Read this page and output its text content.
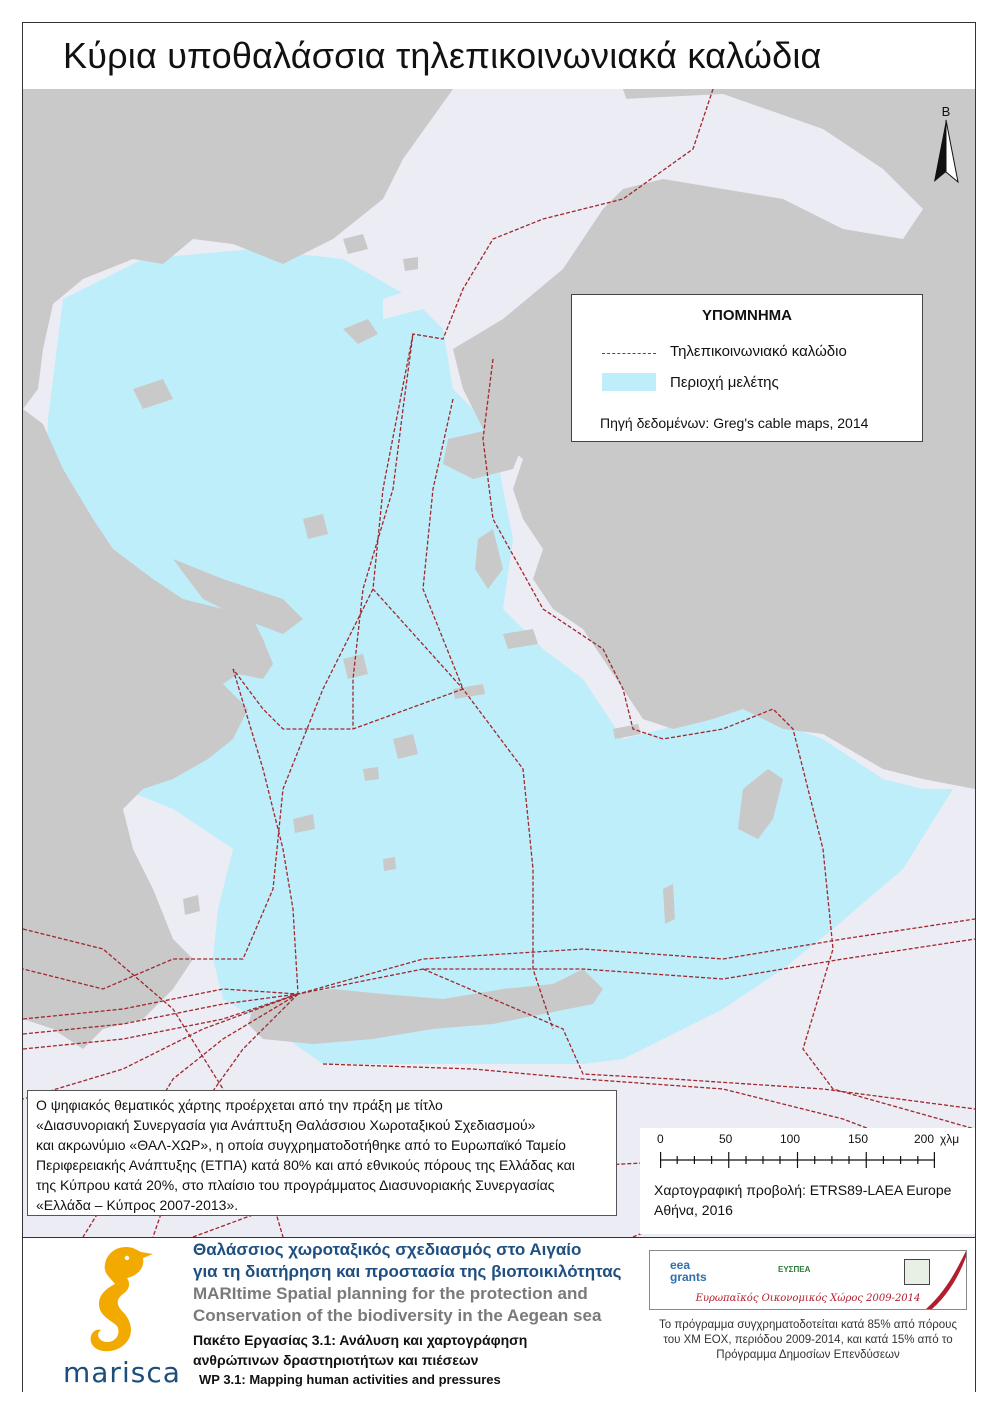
Κύρια υποθαλάσσια τηλεπικοινωνιακά καλώδια
Β
ΥΠΟΜΝΗΜΑ
Τηλεπικοινωνιακό καλώδιο
Περιοχή μελέτης
Πηγή δεδομένων: Greg's cable maps, 2014
Ο ψηφιακός θεματικός χάρτης προέρχεται από την πράξη με τίτλο
«Διασυνοριακή Συνεργασία για Ανάπτυξη Θαλάσσιου Χωροταξικού Σχεδιασμού»
και ακρωνύμιο «ΘΑΛ-ΧΩΡ», η οποία συγχρηματοδοτήθηκε από το Ευρωπαϊκό Ταμείο
Περιφερειακής Ανάπτυξης (ΕΤΠΑ) κατά 80% και από εθνικούς πόρους της Ελλάδας και
της Κύπρου κατά 20%, στο πλαίσιο του προγράμματος Διασυνοριακής Συνεργασίας
«Ελλάδα – Κύπρος 2007-2013».
0	50	100	150	200 χλμ
Χαρτογραφική προβολή: ETRS89-LAEA Europe
Αθήνα, 2016
marisca
Θαλάσσιος χωροταξικός σχεδιασμός στο Αιγαίο
για τη διατήρηση και προστασία της βιοποικιλότητας
MARItime Spatial planning for the protection and
Conservation of the biodiversity in the Aegean sea
Πακέτο Εργασίας 3.1: Ανάλυση και χαρτογράφηση
ανθρώπινων δραστηριοτήτων και πιέσεων
WP 3.1: Mapping human activities and pressures
eea
grants
ΕΥΣΠΕΑ
Ευρωπαϊκός Οικονομικός Χώρος 2009-2014
Το πρόγραμμα συγχρηματοδοτείται κατά 85% από πόρους
του ΧΜ ΕΟΧ, περιόδου 2009-2014, και κατά 15% από το
Πρόγραμμα Δημοσίων Επενδύσεων
